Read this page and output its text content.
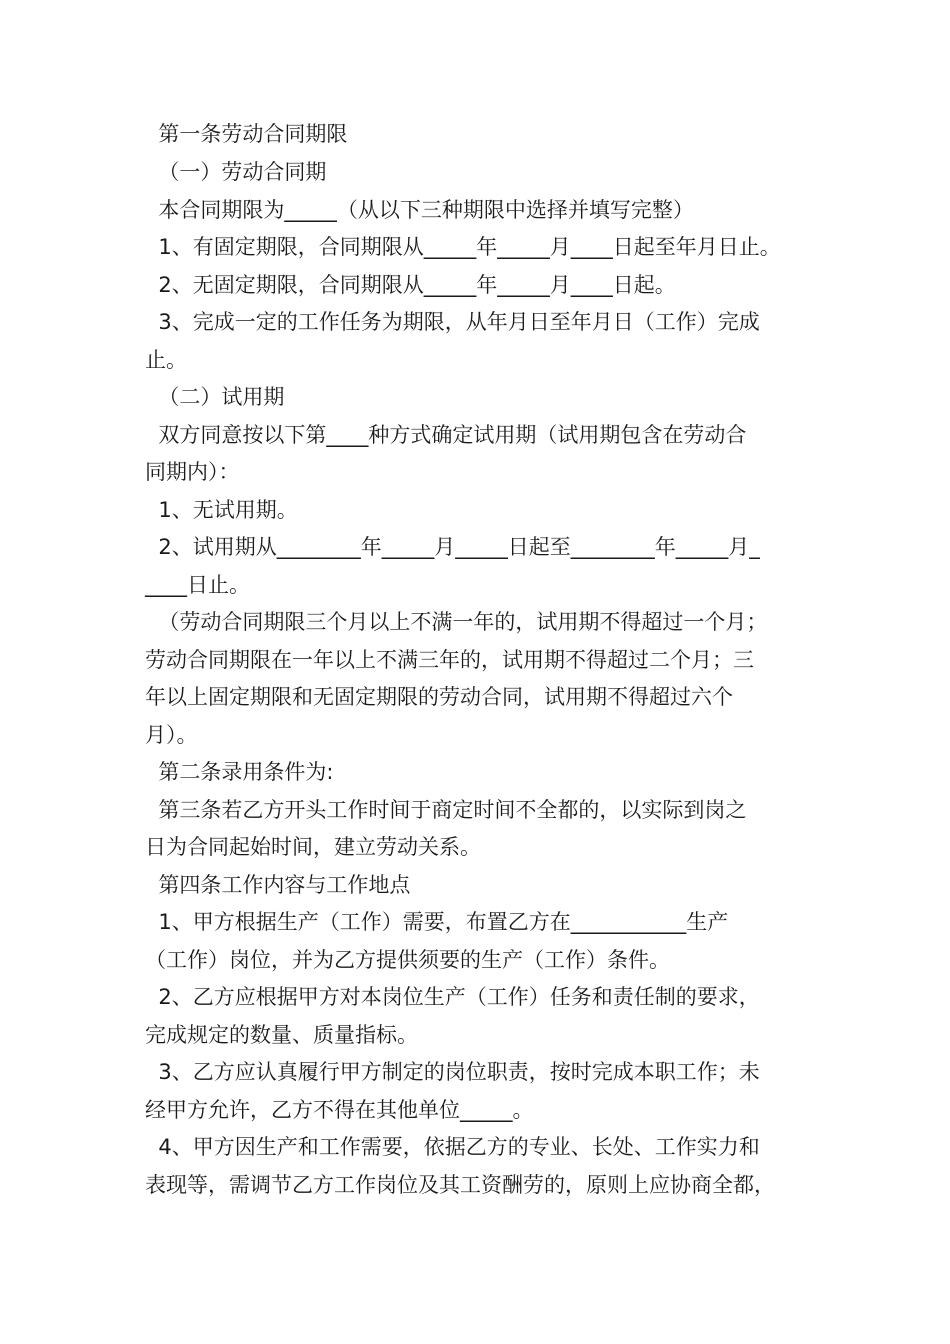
第一条劳动合同期限
（一）劳动合同期
本合同期限为_____（从以下三种期限中选择并填写完整）
1、有固定期限，合同期限从_____年_____月____日起至年月日止。
2、无固定期限，合同期限从_____年_____月____日起。
3、完成一定的工作任务为期限，从年月日至年月日（工作）完成
止。
（二）试用期
双方同意按以下第____种方式确定试用期（试用期包含在劳动合
同期内）：
1、无试用期。
2、试用期从________年_____月_____日起至________年_____月_
____日止。
（劳动合同期限三个月以上不满一年的，试用期不得超过一个月；
劳动合同期限在一年以上不满三年的，试用期不得超过二个月；三
年以上固定期限和无固定期限的劳动合同，试用期不得超过六个
月）。
第二条录用条件为:
第三条若乙方开头工作时间于商定时间不全都的，以实际到岗之
日为合同起始时间，建立劳动关系。
第四条工作内容与工作地点
1、甲方根据生产（工作）需要，布置乙方在___________生产
（工作）岗位，并为乙方提供须要的生产（工作）条件。
2、乙方应根据甲方对本岗位生产（工作）任务和责任制的要求，
完成规定的数量、质量指标。
3、乙方应认真履行甲方制定的岗位职责，按时完成本职工作；未
经甲方允许，乙方不得在其他单位_____。
4、甲方因生产和工作需要，依据乙方的专业、长处、工作实力和
表现等，需调节乙方工作岗位及其工资酬劳的，原则上应协商全都，
